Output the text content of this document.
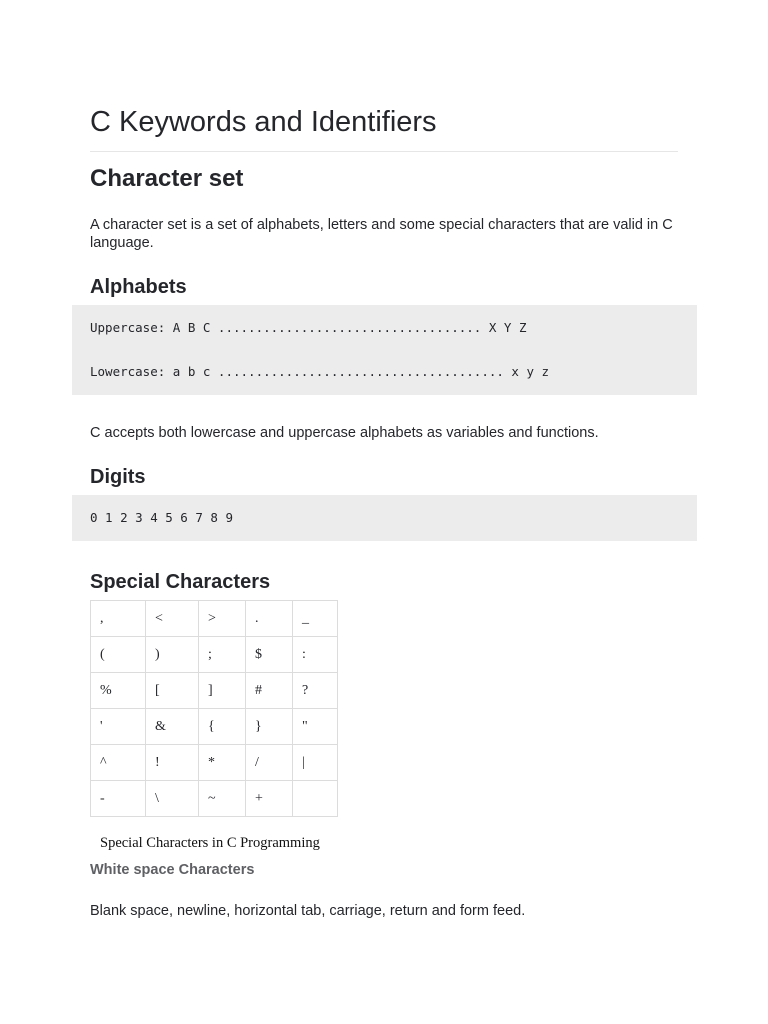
C Keywords and Identifiers
Character set

A character set is a set of alphabets, letters and some special characters that are valid in C language.

Alphabets
Uppercase: A B C ................................... X Y Z
Lowercase: a b c ...................................... x y z

C accepts both lowercase and uppercase alphabets as variables and functions.

Digits
0 1 2 3 4 5 6 7 8 9
Special Characters
,	<	>	.	_
(	)	;	$	:
%	[	]	#	?
'	&	{	}	"
^	!	*	/	|
-	\	~	+	
Special Characters in C Programming
White space Characters

Blank space, newline, horizontal tab, carriage, return and form feed.
